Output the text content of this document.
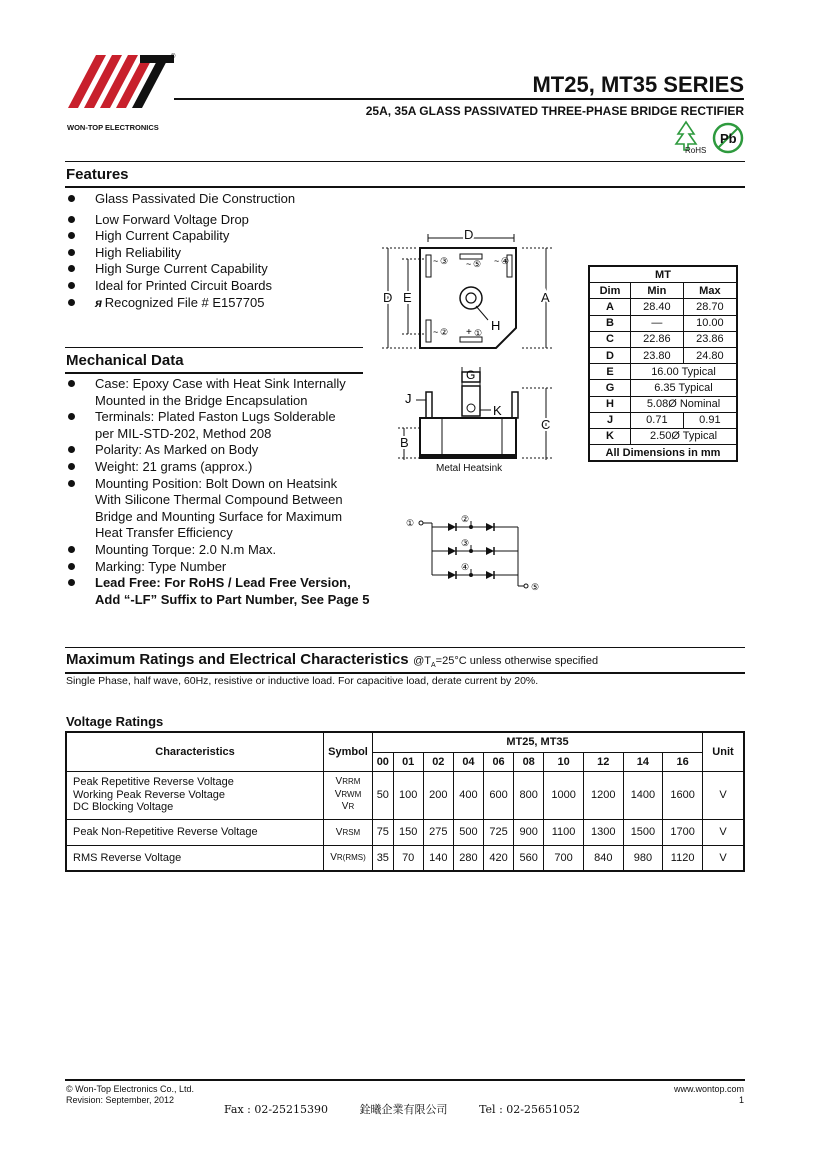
®
WON-TOP ELECTRONICS
MT25, MT35 SERIES
25A, 35A GLASS PASSIVATED THREE-PHASE BRIDGE RECTIFIER
RoHS
Pb
Features
Glass Passivated Die Construction
Low Forward Voltage Drop
High Current Capability
High Reliability
High Surge Current Capability
Ideal for Printed Circuit Boards
ᴙ Recognized File # E157705
Mechanical Data
Case: Epoxy Case with Heat Sink Internally
Mounted in the Bridge Encapsulation
Terminals: Plated Faston Lugs Solderable
per MIL-STD-202, Method 208
Polarity: As Marked on Body
Weight: 21 grams (approx.)
Mounting Position: Bolt Down on Heatsink
With Silicone Thermal Compound Between
Bridge and Mounting Surface for Maximum
Heat Transfer Efficiency
Mounting Torque: 2.0 N.m Max.
Marking: Type Number
Lead Free: For RoHS / Lead Free Version,
Add “-LF” Suffix to Part Number, See Page 5
~ ③ ~ ⑤ ~ ④
~ ② + ① H
D
D E	A
G
J
K
B
C
Metal Heatsink
①
⑤
②
③
④
MT		
Dim	Min	Max
A	28.40	28.70
B	—	10.00
C	22.86	23.86
D	23.80	24.80
E	16.00 Typical	
G	6.35 Typical	
H	5.08Ø Nominal	
J	0.71	0.91
K	2.50Ø Typical	
All Dimensions in mm		
Maximum Ratings and Electrical Characteristics $@T_A=25^\circ C$ unless otherwise specified
Single Phase, half wave, 60Hz, resistive or inductive load. For capacitive load, derate current by 20%.
Voltage Ratings
Characteristics	Symbol	MT25, MT35										Unit
		00	01	02	04	06	08	10	12	14	16	
Peak Repetitive Reverse Voltage
Working Peak Reverse Voltage
DC Blocking Voltage	VRRM
VRWM
VR	50	100	200	400	600	800	1000	1200	1400	1600	V
Peak Non-Repetitive Reverse Voltage	VRSM	75	150	275	500	725	900	1100	1300	1500	1700	V
RMS Reverse Voltage	VR(RMS)	35	70	140	280	420	560	700	840	980	1120	V
© Won-Top Electronics Co., Ltd.
Revision: September, 2012
www.wontop.com
1
Fax : 02-25215390	銓曦企業有限公司	Tel : 02-25651052
